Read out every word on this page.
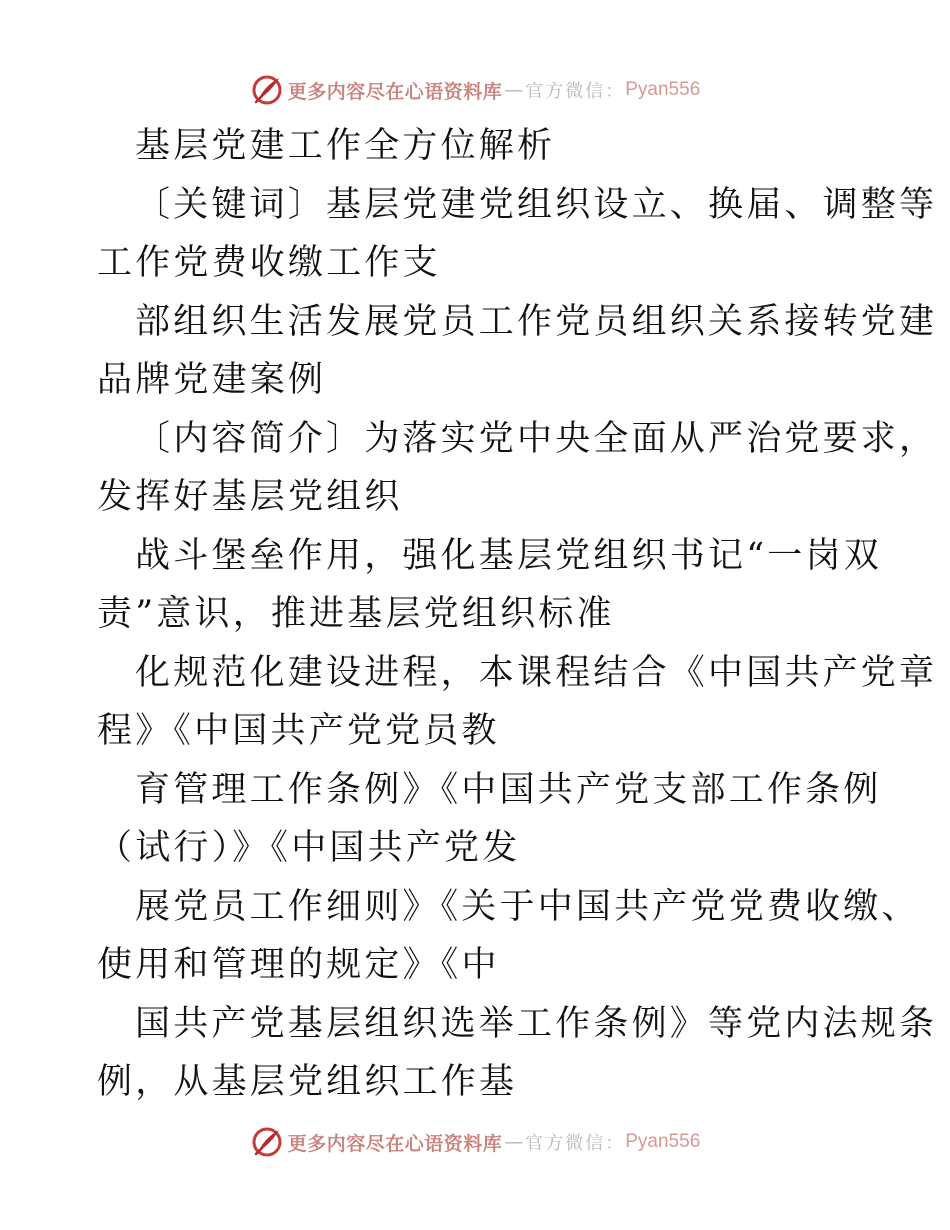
更多内容尽在心语资料库 — 官方微信： Pyan556
基层党建工作全方位解析
〔关键词〕基层党建党组织设立、换届、调整等
工作党费收缴工作支
部组织生活发展党员工作党员组织关系接转党建
品牌党建案例
〔内容简介〕为落实党中央全面从严治党要求，
发挥好基层党组织
战斗堡垒作用，强化基层党组织书记“一岗双
责”意识，推进基层党组织标准
化规范化建设进程，本课程结合《中国共产党章
程》《中国共产党党员教
育管理工作条例》《中国共产党支部工作条例
（试行）》《中国共产党发
展党员工作细则》《关于中国共产党党费收缴、
使用和管理的规定》《中
国共产党基层组织选举工作条例》等党内法规条
例，从基层党组织工作基
更多内容尽在心语资料库 — 官方微信： Pyan556
